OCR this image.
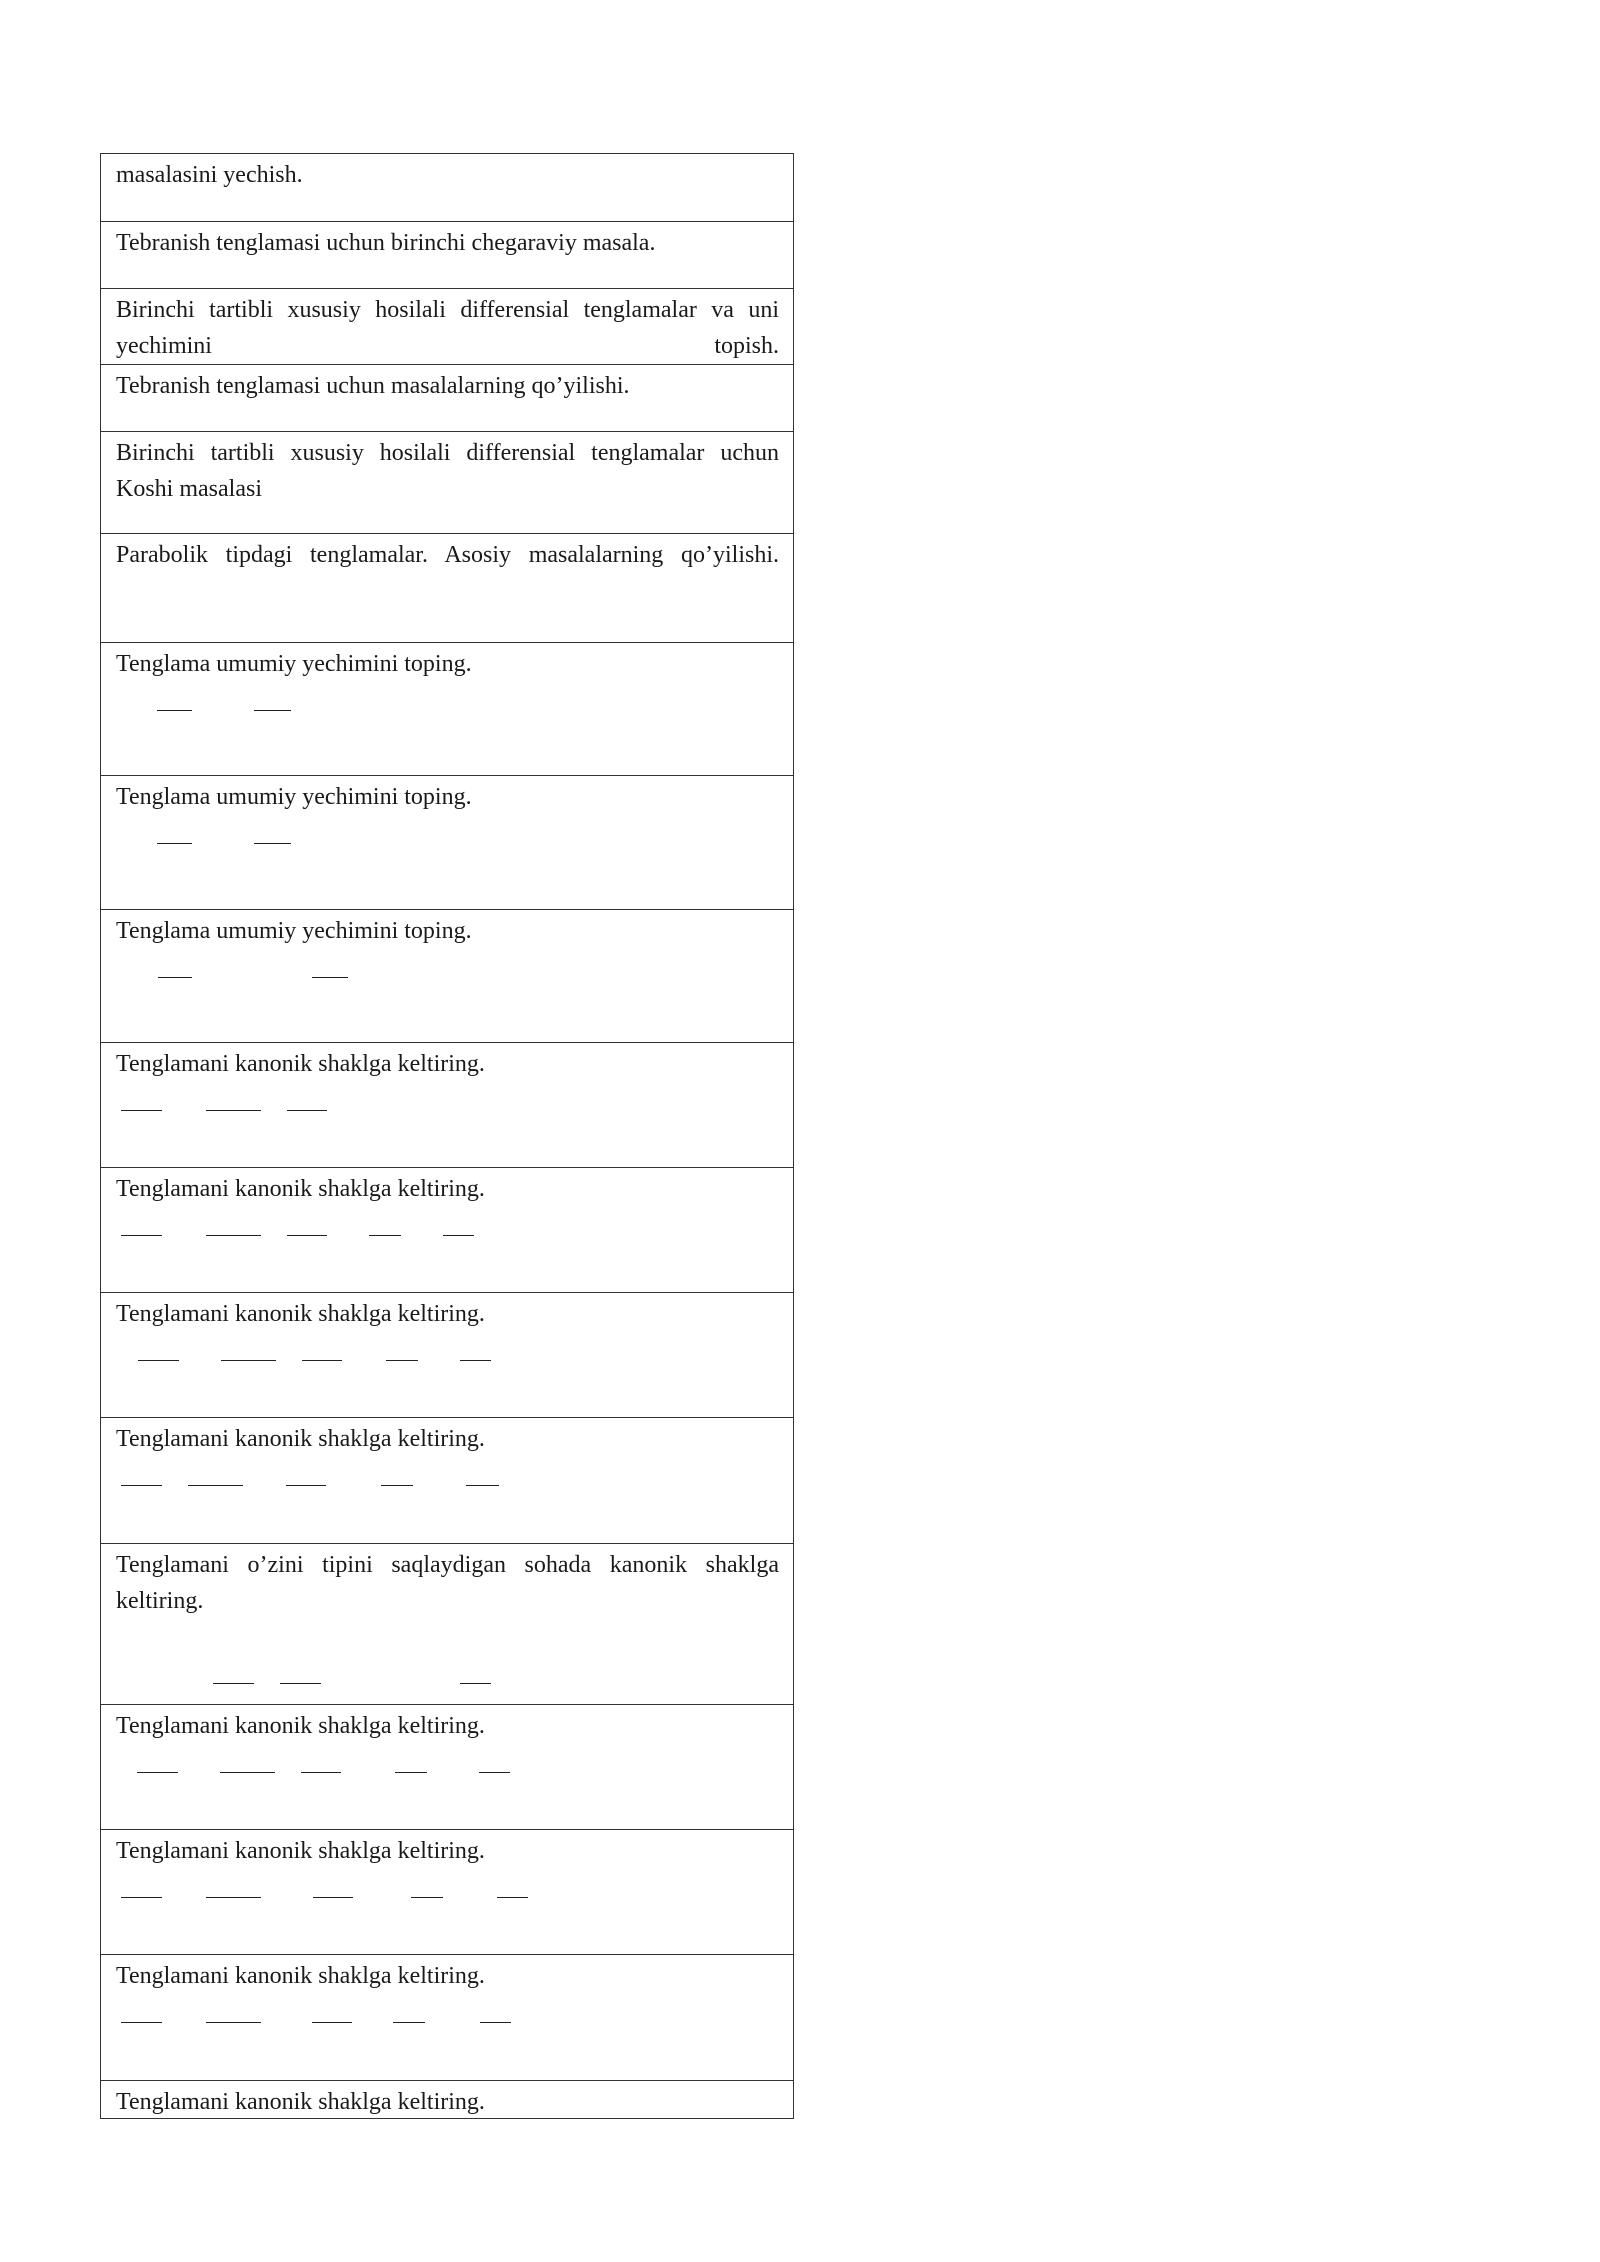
masalasini yechish.
Tebranish tenglamasi uchun birinchi chegaraviy masala.
Birinchi tartibli xususiy hosilali differensial tenglamalar va uni yechimini topish.
Tebranish tenglamasi uchun masalalarning qo’yilishi.
Birinchi tartibli xususiy hosilali differensial tenglamalar uchun Koshi masalasi
Parabolik tipdagi tenglamalar. Asosiy masalalarning qo’yilishi.
Tenglama umumiy yechimini toping.
Tenglama umumiy yechimini toping.
Tenglama umumiy yechimini toping.
Tenglamani kanonik shaklga keltiring.
Tenglamani kanonik shaklga keltiring.
Tenglamani kanonik shaklga keltiring.
Tenglamani kanonik shaklga keltiring.
Tenglamani o’zini tipini saqlaydigan sohada kanonik shaklga keltiring.
Tenglamani kanonik shaklga keltiring.
Tenglamani kanonik shaklga keltiring.
Tenglamani kanonik shaklga keltiring.
Tenglamani kanonik shaklga keltiring.
